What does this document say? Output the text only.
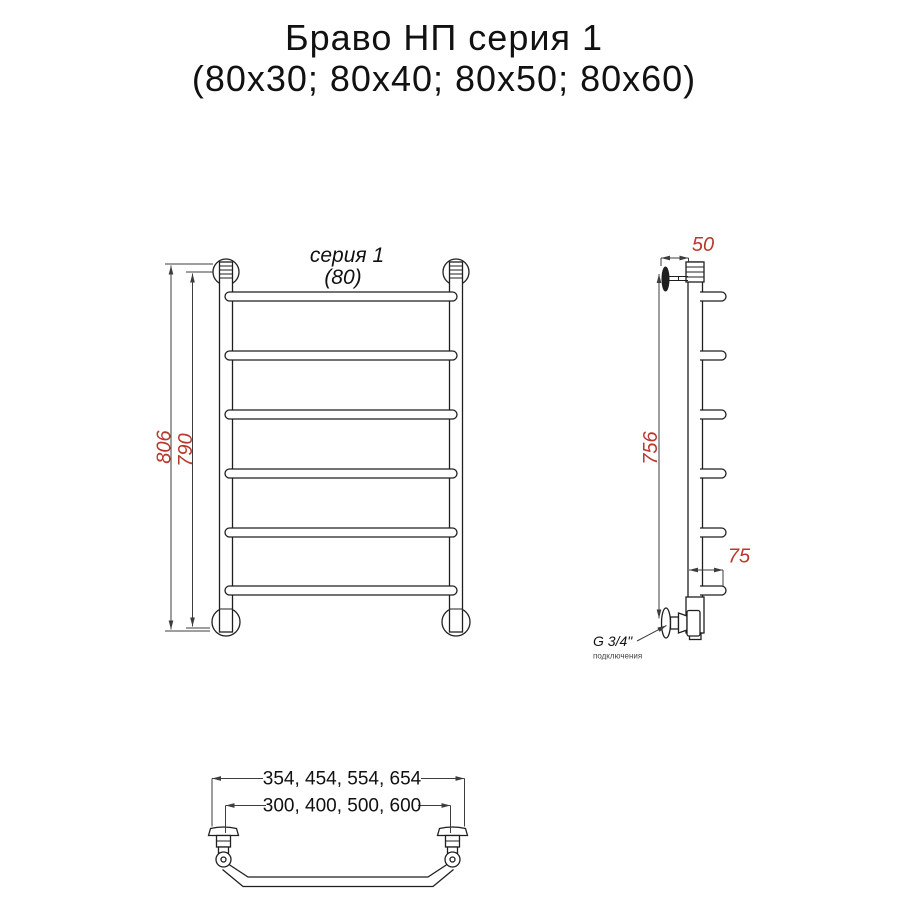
Браво НП серия 1
(80x30; 80x40; 80x50; 80x60)
806 790
серия 1
(80)
50
756
75
G 3/4"
подключения
354, 454, 554, 654
300, 400, 500, 600
